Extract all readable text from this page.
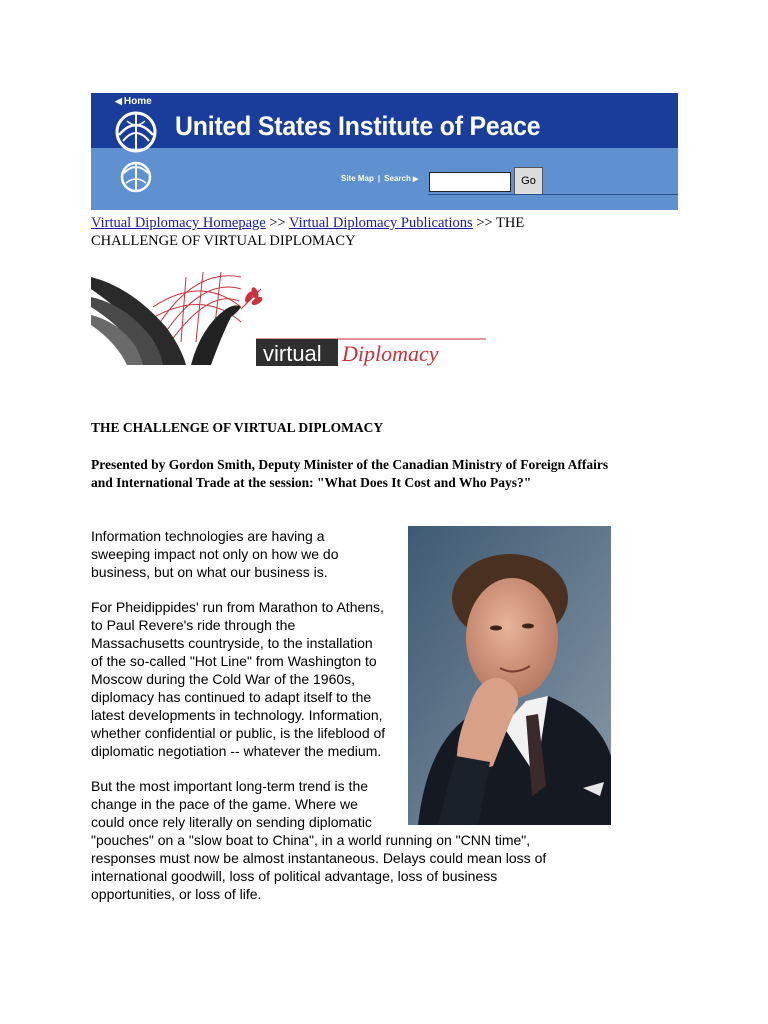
◀ Home
United States Institute of Peace
Site Map | Search ▶	Go
Virtual Diplomacy Homepage >> Virtual Diplomacy Publications >> THE CHALLENGE OF VIRTUAL DIPLOMACY
virtual Diplomacy
THE CHALLENGE OF VIRTUAL DIPLOMACY
Presented by Gordon Smith, Deputy Minister of the Canadian Ministry of Foreign Affairs and International Trade at the session: "What Does It Cost and Who Pays?"

Information technologies are having a
sweeping impact not only on how we do
business, but on what our business is.

For Pheidippides' run from Marathon to Athens,
to Paul Revere's ride through the
Massachusetts countryside, to the installation
of the so-called "Hot Line" from Washington to
Moscow during the Cold War of the 1960s,
diplomacy has continued to adapt itself to the
latest developments in technology. Information,
whether confidential or public, is the lifeblood of
diplomatic negotiation -- whatever the medium.

But the most important long-term trend is the
change in the pace of the game. Where we
could once rely literally on sending diplomatic
"pouches" on a "slow boat to China", in a world running on "CNN time",
responses must now be almost instantaneous. Delays could mean loss of
international goodwill, loss of political advantage, loss of business
opportunities, or loss of life.
